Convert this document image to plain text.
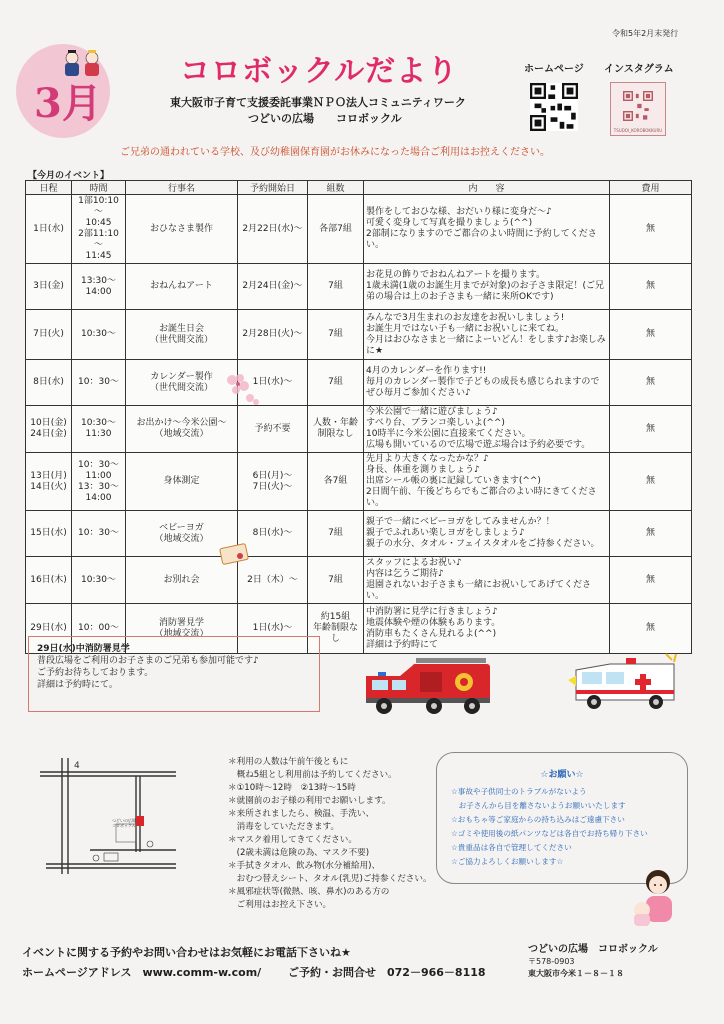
令和5年2月末発行
3月
コロボックルだより
東大阪市子育て支援委託事業ＮＰＯ法人コミュニティワーク
つどいの広場　　コロボックル
ホームページ インスタグラム
TSUDOI_KOROBOKKURU
ご兄弟の通われている学校、及び幼稚園保育園がお休みになった場合ご利用はお控えください。
【今月のイベント】
日程	時間	行事名	予約開始日	組数	内　　容	費用
1日(水)	1部10:10～
10:45
2部11:10～
11:45	おひなさま製作	2月22日(水)～	各部7組	製作をしておひな様、おだいり様に変身だ～♪
可愛く変身して写真を撮りましょう(^^)
2部制になりますのでご都合のよい時間に予約してください。	無
3日(金)	13:30～
14:00	おねんねアート	2月24日(金)～	7組	お花見の飾りでおねんねアートを撮ります。
1歳未満(1歳のお誕生月までが対象)のお子さま限定！(ご兄弟の場合は上のお子さまも一緒に来所OKです)	無
7日(火)	10:30～	お誕生日会
（世代間交流）	2月28日(火)～	7組	みんなで3月生まれのお友達をお祝いしましょう!
お誕生月ではない子も一緒にお祝いしに来てね。
今月はおひなさまと一緒によーいどん！をします♪お楽しみに★	無
8日(水)	10：30～	カレンダー製作
（世代間交流）	1日(水)～	7組	4月のカレンダーを作ります!!
毎月のカレンダー製作で子どもの成長も感じられますのでぜひ毎月ご参加ください♪	無
10日(金)
24日(金)	10:30～11:30	お出かけ～今米公園～
（地域交流）	予約不要	人数・年齢
制限なし	今米公園で一緒に遊びましょう♪
すべり台、ブランコ楽しいよ(^^)
10時半に今米公園に直接来てください。
広場も開いているので広場で遊ぶ場合は予約必要です。	無
13日(月)
14日(火)	10：30～
11:00
13：30～
14:00	身体測定	6日(月)～
7日(火)～	各7組	先月より大きくなったかな？♪
身長、体重を測りましょう♪
出席シール帳の裏に記録していきます(^^)
2日間午前、午後どちらでもご都合のよい時にきてください。	無
15日(水)	10：30～	ベビーヨガ
（地域交流）	8日(水)～	7組	親子で一緒にベビーヨガをしてみませんか？！
親子でふれあい楽しヨガをしましょう♪
親子の水分、タオル・フェイスタオルをご持参ください。	無
16日(木)	10:30～	お別れ会	2日（木）～	7組	スタッフによるお祝い♪
内容は乞うご期待♪
退園されないお子さまも一緒にお祝いしてあげてください。	無
29日(水)	10：00～	消防署見学
（地域交流）	1日(水)～	約15組
年齢制限なし	中消防署に見学に行きましょう♪
地震体験や煙の体験もあります。
消防車もたくさん見れるよ(^^)
詳細は予約時にて	無
29日(水)中消防署見学
普段広場をご利用のお子さまのご兄弟も参加可能です♪
ご予約お待ちしております。
詳細は予約時にて。
4
つどいの広場コロボックル
＊利用の人数は午前午後ともに
　概ね5組とし利用前は予約してください。
＊①10時～12時　②13時～15時
＊就園前のお子様の利用でお願いします。
＊来所されましたら、検温、手洗い、
　消毒をしていただきます。
＊マスク着用してきてください。
　(2歳未満は危険の為、マスク不要)
＊手拭きタオル、飲み物(水分補給用)、
　おむつ替えシート、タオル(乳児)ご持参ください。
＊風邪症状等(微熱、咳、鼻水)のある方の
　ご利用はお控え下さい。
☆お願い☆
☆事故や子供同士のトラブルがないよう
　お子さんから目を離さないようお願いいたします
☆おもちゃ等ご家庭からの持ち込みはご遠慮下さい
☆ゴミや使用後の紙パンツなどは各自でお持ち帰り下さい
☆貴重品は各自で管理してください
☆ご協力よろしくお願いします☆
イベントに関する予約やお問い合わせはお気軽にお電話下さいね★
ホームページアドレス　www.comm-w.com/ ご予約・お問合せ　072－966－8118
つどいの広場　コロボックル
〒578-0903
東大阪市今米１－８－１８
